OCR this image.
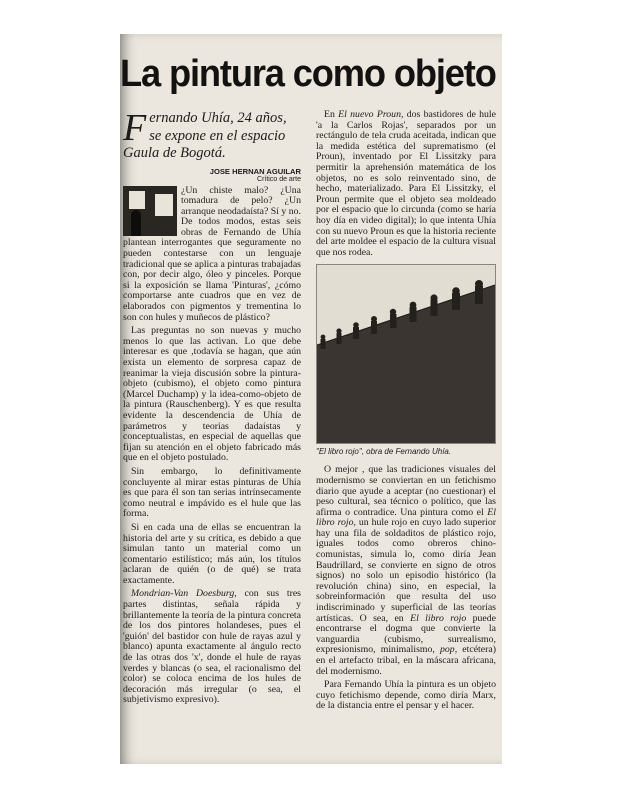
La pintura como objeto
Fernando Uhía, 24 años, se expone en el espacio Gaula de Bogotá.
JOSE HERNAN AGUILAR
Crítico de arte

¿Un chiste malo? ¿Una tomadura de pelo? ¿Un arranque neodadaísta? Sí y no. De todos modos, estas seis obras de Fernando de Uhía plantean interrogantes que seguramente no pueden contestarse con un lenguaje tradicional que se aplica a pinturas trabajadas con, por decir algo, óleo y pinceles. Porque si la exposición se llama 'Pinturas', ¿cómo comportarse ante cuadros que en vez de elaborados con pigmentos y trementina lo son con hules y muñecos de plástico?

Las preguntas no son nuevas y mucho menos lo que las activan. Lo que debe interesar es que ,todavía se hagan, que aún exista un elemento de sorpresa capaz de reanimar la vieja discusión sobre la pintura-objeto (cubismo), el objeto como pintura (Marcel Duchamp) y la idea-como-objeto de la pintura (Rauschenberg). Y es que resulta evidente la descendencia de Uhía de parámetros y teorías dadaístas y conceptualistas, en especial de aquellas que fijan su atención en el objeto fabricado más que en el objeto postulado.

Sin embargo, lo definitivamente concluyente al mirar estas pinturas de Uhía es que para él son tan serias intrínsecamente como neutral e impávido es el hule que las forma.

Si en cada una de ellas se encuentran la historia del arte y su crítica, es debido a que simulan tanto un material como un comentario estilístico; más aún, los títulos aclaran de quién (o de qué) se trata exactamente.

Mondrian-Van Doesburg, con sus tres partes distintas, señala rápida y brillantemente la teoría de la pintura concreta de los dos pintores holandeses, pues el 'guión' del bastidor con hule de rayas azul y blanco) apunta exactamente al ángulo recto de las otras dos 'x', donde el hule de rayas verdes y blancas (o sea, el racionalismo del color) se coloca encima de los hules de decoración más irregular (o sea, el subjetivismo expresivo).

En El nuevo Proun, dos bastidores de hule 'a la Carlos Rojas', separados por un rectángulo de tela cruda aceitada, indican que la medida estética del suprematismo (el Proun), inventado por El Lissitzky para permitir la aprehensión matemática de los objetos, no es solo reinventado sino, de hecho, materializado. Para El Lissitzky, el Proun permite que el objeto sea moldeado por el espacio que lo circunda (como se haría hoy día en video digital); lo que intenta Uhía con su nuevo Proun es que la historia reciente del arte moldee el espacio de la cultura visual que nos rodea.

"El libro rojo", obra de Fernando Uhía.

O mejor , que las tradiciones visuales del modernismo se conviertan en un fetichismo diario que ayude a aceptar (no cuestionar) el peso cultural, sea técnico o político, que las afirma o contradice. Una pintura como el El libro rojo, un hule rojo en cuyo lado superior hay una fila de soldaditos de plástico rojo, iguales todos como obreros chino-comunistas, simula lo, como diría Jean Baudrillard, se convierte en signo de otros signos) no solo un episodio histórico (la revolución china) sino, en especial, la sobreinformación que resulta del uso indiscriminado y superficial de las teorías artísticas. O sea, en El libro rojo puede encontrarse el dogma que convierte la vanguardia (cubismo, surrealismo, expresionismo, minimalismo, pop, etcétera) en el artefacto tribal, en la máscara africana, del modernismo.

Para Fernando Uhía la pintura es un objeto cuyo fetichismo depende, como diría Marx, de la distancia entre el pensar y el hacer.
